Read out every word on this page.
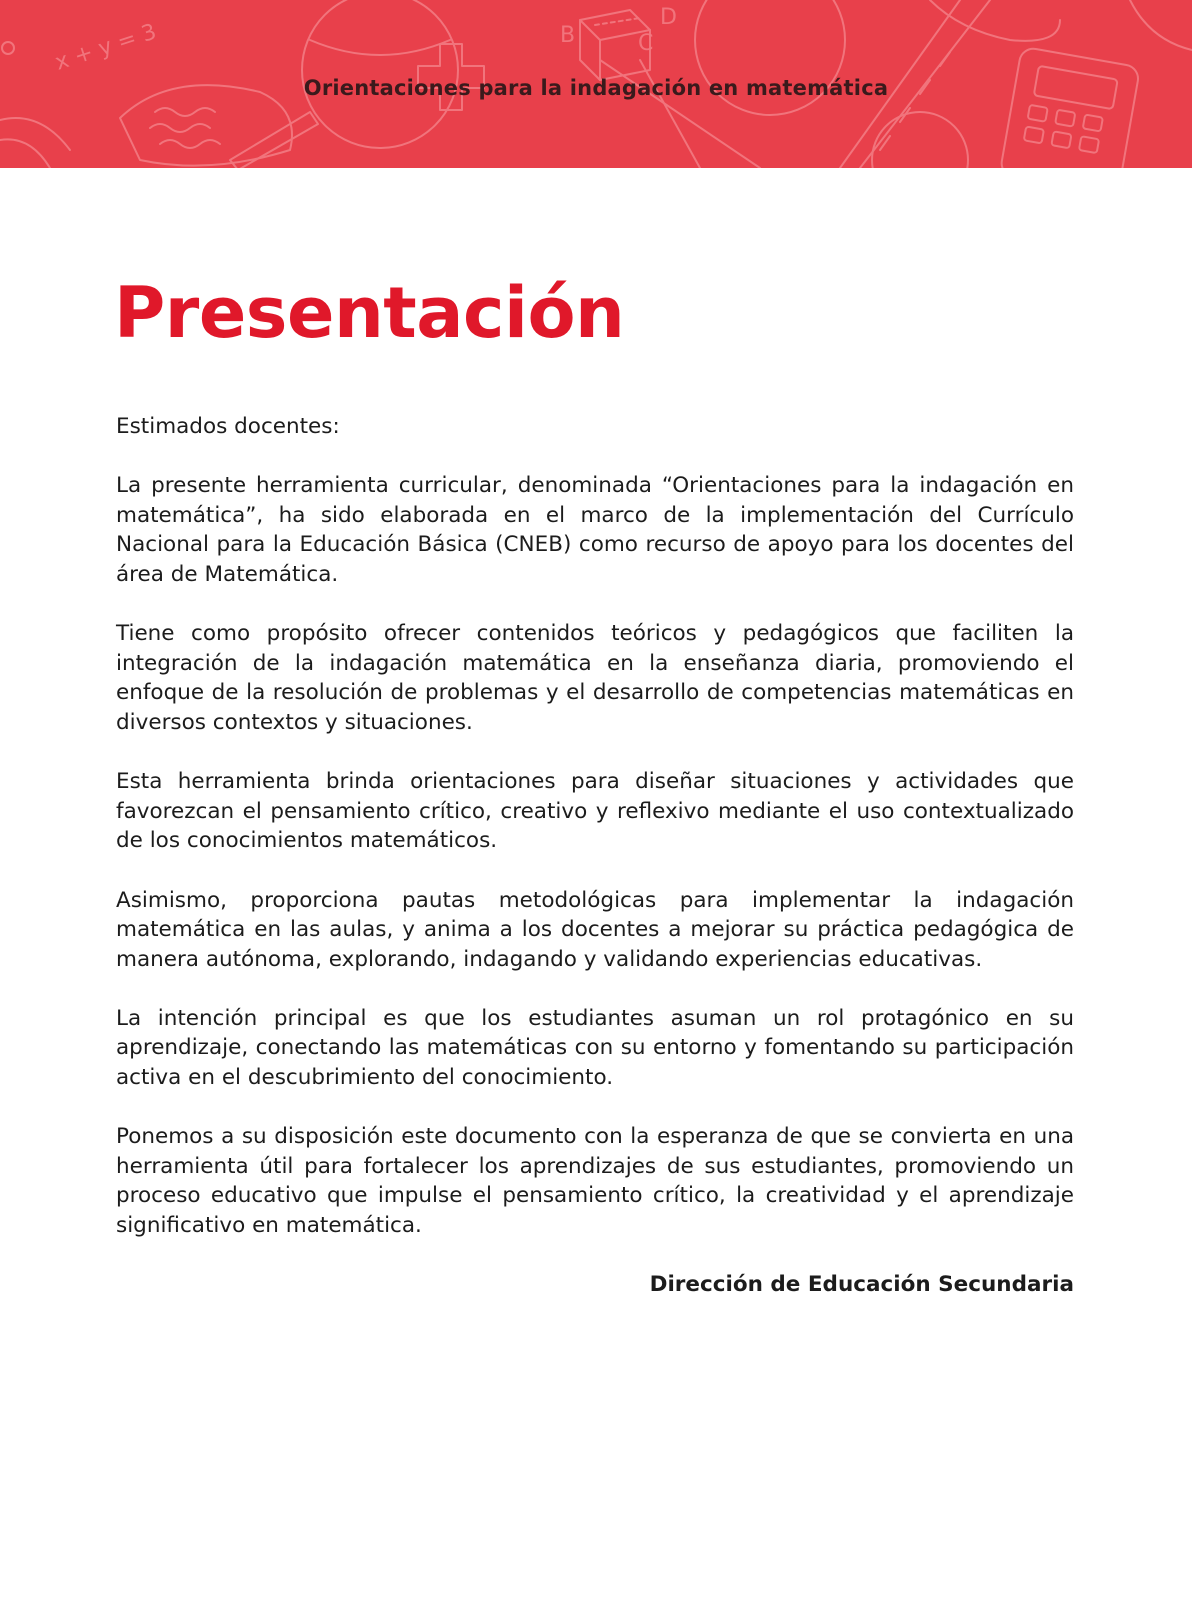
x + y = 3	B
D
C
Orientaciones para la indagación en matemática
Presentación

Estimados docentes:

La presente herramienta curricular, denominada “Orientaciones para la indagación en matemática”, ha sido elaborada en el marco de la implementación del Currículo Nacional para la Educación Básica (CNEB) como recurso de apoyo para los docentes del área de Matemática.

Tiene como propósito ofrecer contenidos teóricos y pedagógicos que faciliten la integración de la indagación matemática en la enseñanza diaria, promoviendo el enfoque de la resolución de problemas y el desarrollo de competencias matemáticas en diversos contextos y situaciones.

Esta herramienta brinda orientaciones para diseñar situaciones y actividades que favorezcan el pensamiento crítico, creativo y reflexivo mediante el uso contextualizado de los conocimientos matemáticos.

Asimismo, proporciona pautas metodológicas para implementar la indagación matemática en las aulas, y anima a los docentes a mejorar su práctica pedagógica de manera autónoma, explorando, indagando y validando experiencias educativas.

La intención principal es que los estudiantes asuman un rol protagónico en su aprendizaje, conectando las matemáticas con su entorno y fomentando su participación activa en el descubrimiento del conocimiento.

Ponemos a su disposición este documento con la esperanza de que se convierta en una herramienta útil para fortalecer los aprendizajes de sus estudiantes, promoviendo un proceso educativo que impulse el pensamiento crítico, la creatividad y el aprendizaje significativo en matemática.

Dirección de Educación Secundaria
